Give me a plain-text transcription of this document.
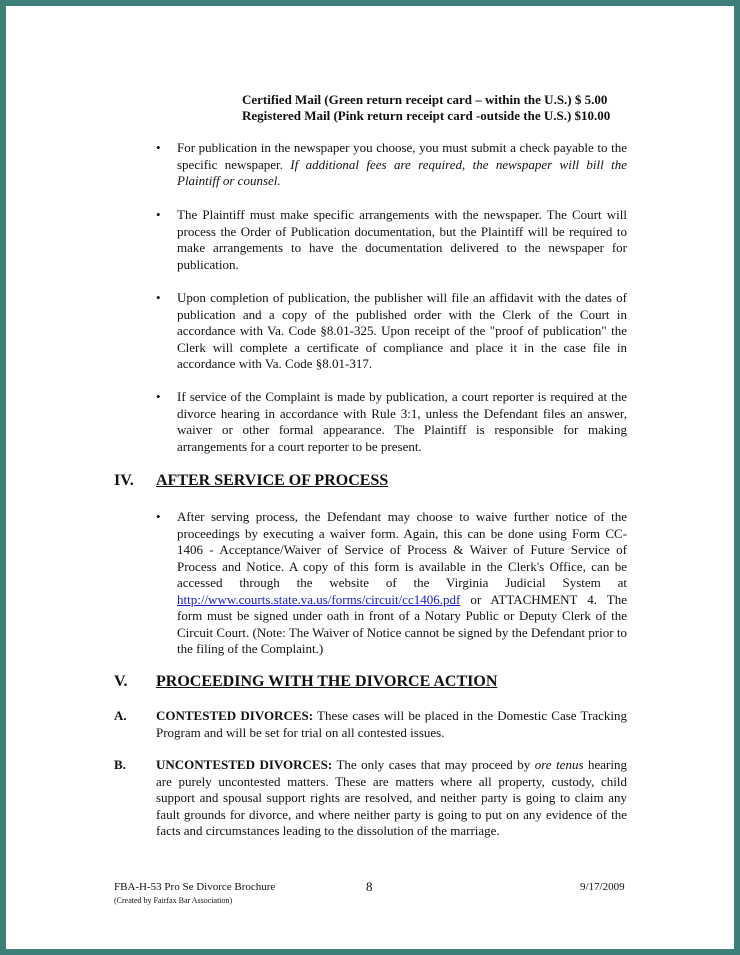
Certified Mail (Green return receipt card – within the U.S.) $ 5.00
Registered Mail (Pink return receipt card -outside the U.S.) $10.00
• For publication in the newspaper you choose, you must submit a check payable to the specific newspaper. If additional fees are required, the newspaper will bill the Plaintiff or counsel.
• The Plaintiff must make specific arrangements with the newspaper. The Court will process the Order of Publication documentation, but the Plaintiff will be required to make arrangements to have the documentation delivered to the newspaper for publication.
• Upon completion of publication, the publisher will file an affidavit with the dates of publication and a copy of the published order with the Clerk of the Court in accordance with Va. Code §8.01-325. Upon receipt of the "proof of publication" the Clerk will complete a certificate of compliance and place it in the case file in accordance with Va. Code §8.01-317.
• If service of the Complaint is made by publication, a court reporter is required at the divorce hearing in accordance with Rule 3:1, unless the Defendant files an answer, waiver or other formal appearance. The Plaintiff is responsible for making arrangements for a court reporter to be present.
IV. AFTER SERVICE OF PROCESS
• After serving process, the Defendant may choose to waive further notice of the proceedings by executing a waiver form. Again, this can be done using Form CC-1406 - Acceptance/Waiver of Service of Process & Waiver of Future Service of Process and Notice. A copy of this form is available in the Clerk's Office, can be accessed through the website of the Virginia Judicial System at http://www.courts.state.va.us/forms/circuit/cc1406.pdf or ATTACHMENT 4. The form must be signed under oath in front of a Notary Public or Deputy Clerk of the Circuit Court. (Note: The Waiver of Notice cannot be signed by the Defendant prior to the filing of the Complaint.)
V. PROCEEDING WITH THE DIVORCE ACTION
A. CONTESTED DIVORCES: These cases will be placed in the Domestic Case Tracking Program and will be set for trial on all contested issues.
B. UNCONTESTED DIVORCES: The only cases that may proceed by ore tenus hearing are purely uncontested matters. These are matters where all property, custody, child support and spousal support rights are resolved, and neither party is going to claim any fault grounds for divorce, and where neither party is going to put on any evidence of the facts and circumstances leading to the dissolution of the marriage.
FBA-H-53 Pro Se Divorce Brochure
(Created by Fairfax Bar Association)
8	9/17/2009
